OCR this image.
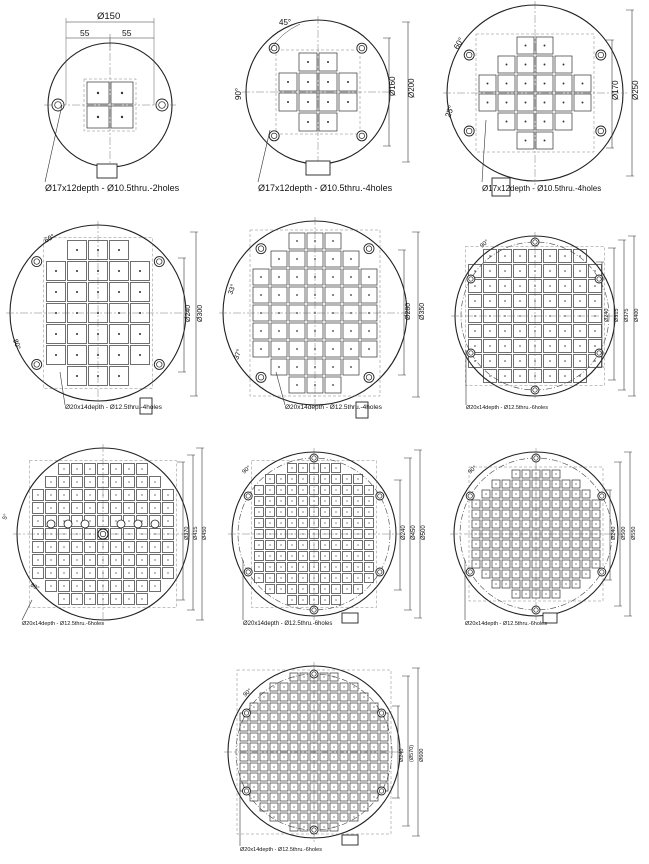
Ø150
55	55
Ø17x12depth - Ø10.5thru.-2holes
Ø160 Ø200
45°
90°
Ø17x12depth - Ø10.5thru.-4holes
Ø170 Ø250
60°
25°
Ø17x12depth - Ø10.5thru.-4holes
Ø240 Ø300
60°
80°
Ø20x14depth - Ø12.5thru.-4holes
Ø280 Ø350
33°
37°
Ø20x14depth - Ø12.5thru.-4holes
Ø240 Ø315 Ø375 Ø400
90°
Ø20x14depth - Ø12.5thru.-6holes
Ø370 Ø415 Ø450
5°
80°
Ø20x14depth - Ø12.5thru.-6holes
Ø240 Ø450 Ø500
90°
Ø20x14depth - Ø12.5thru.-6holes
Ø240 Ø500 Ø550
90°
Ø20x14depth - Ø12.5thru.-6holes
Ø240 (Ø570) Ø600
90°
Ø20x14depth - Ø12.5thru.-6holes
